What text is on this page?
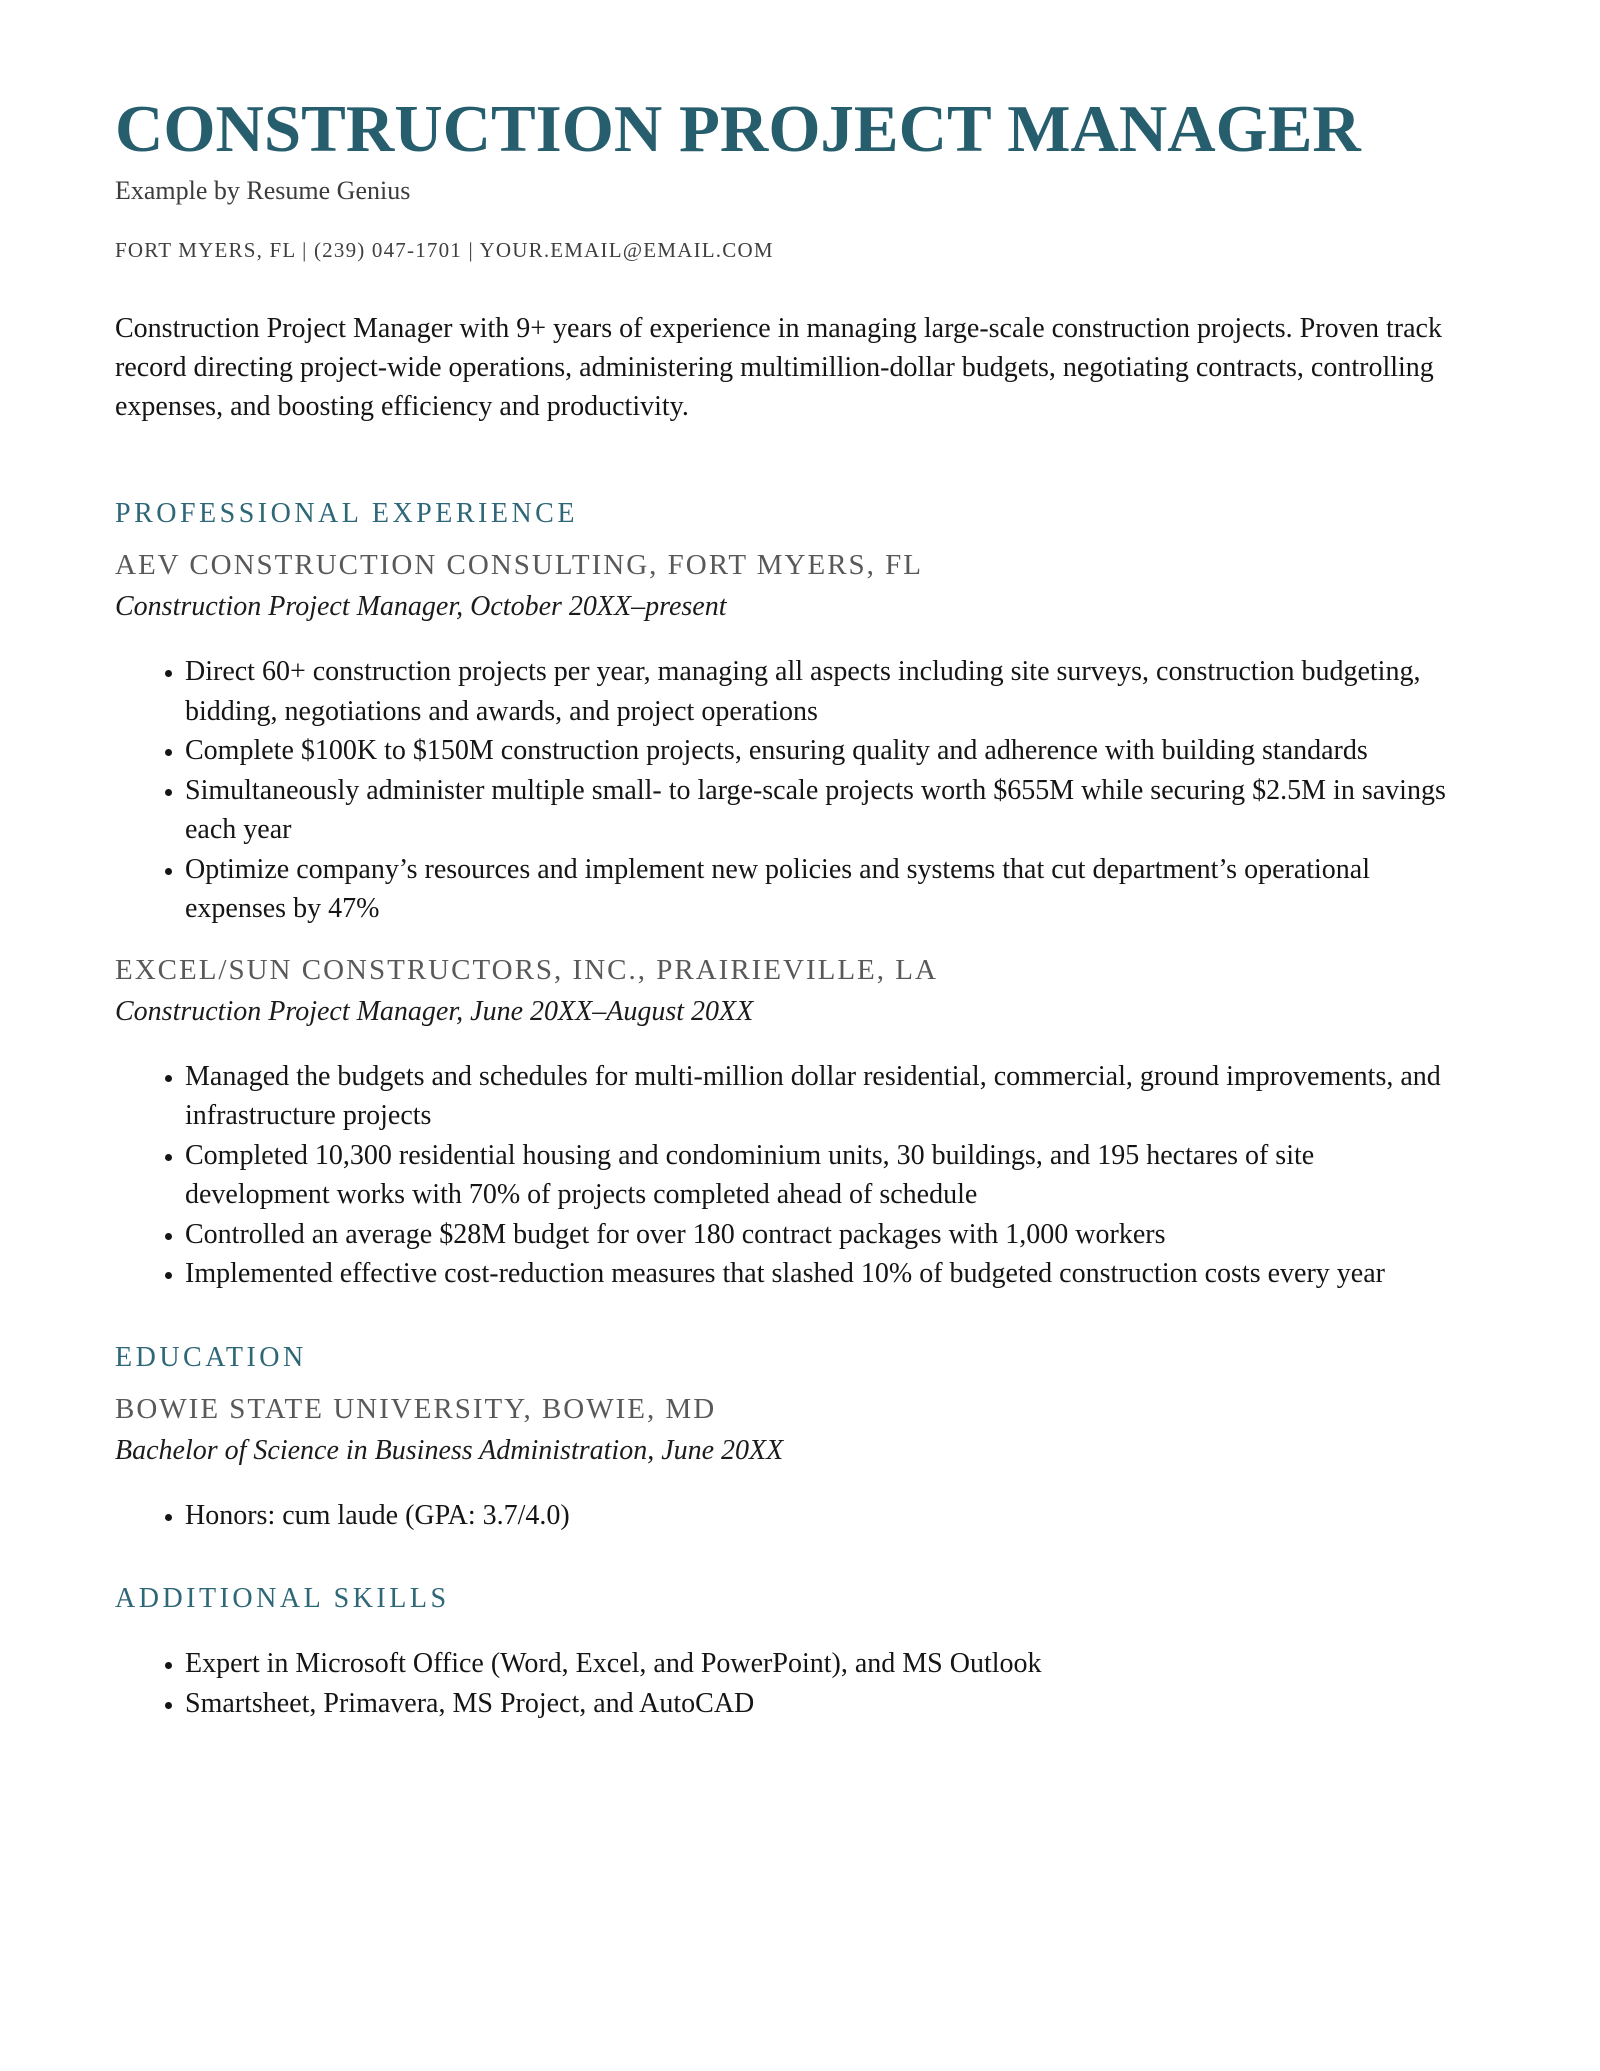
CONSTRUCTION PROJECT MANAGER

Example by Resume Genius

FORT MYERS, FL | (239) 047-1701 | YOUR.EMAIL@EMAIL.COM

Construction Project Manager with 9+ years of experience in managing large-scale construction projects. Proven track record directing project-wide operations, administering multimillion-dollar budgets, negotiating contracts, controlling expenses, and boosting efficiency and productivity.

PROFESSIONAL EXPERIENCE
AEV CONSTRUCTION CONSULTING, FORT MYERS, FL

Construction Project Manager, October 20XX–present

• Direct 60+ construction projects per year, managing all aspects including site surveys, construction budgeting, bidding, negotiations and awards, and project operations
• Complete $100K to $150M construction projects, ensuring quality and adherence with building standards
• Simultaneously administer multiple small- to large-scale projects worth $655M while securing $2.5M in savings each year
• Optimize company’s resources and implement new policies and systems that cut department’s operational expenses by 47%
EXCEL/SUN CONSTRUCTORS, INC., PRAIRIEVILLE, LA

Construction Project Manager, June 20XX–August 20XX

• Managed the budgets and schedules for multi-million dollar residential, commercial, ground improvements, and infrastructure projects
• Completed 10,300 residential housing and condominium units, 30 buildings, and 195 hectares of site development works with 70% of projects completed ahead of schedule
• Controlled an average $28M budget for over 180 contract packages with 1,000 workers
• Implemented effective cost-reduction measures that slashed 10% of budgeted construction costs every year
EDUCATION
BOWIE STATE UNIVERSITY, BOWIE, MD

Bachelor of Science in Business Administration, June 20XX

• Honors: cum laude (GPA: 3.7/4.0)
ADDITIONAL SKILLS
• Expert in Microsoft Office (Word, Excel, and PowerPoint), and MS Outlook
• Smartsheet, Primavera, MS Project, and AutoCAD
